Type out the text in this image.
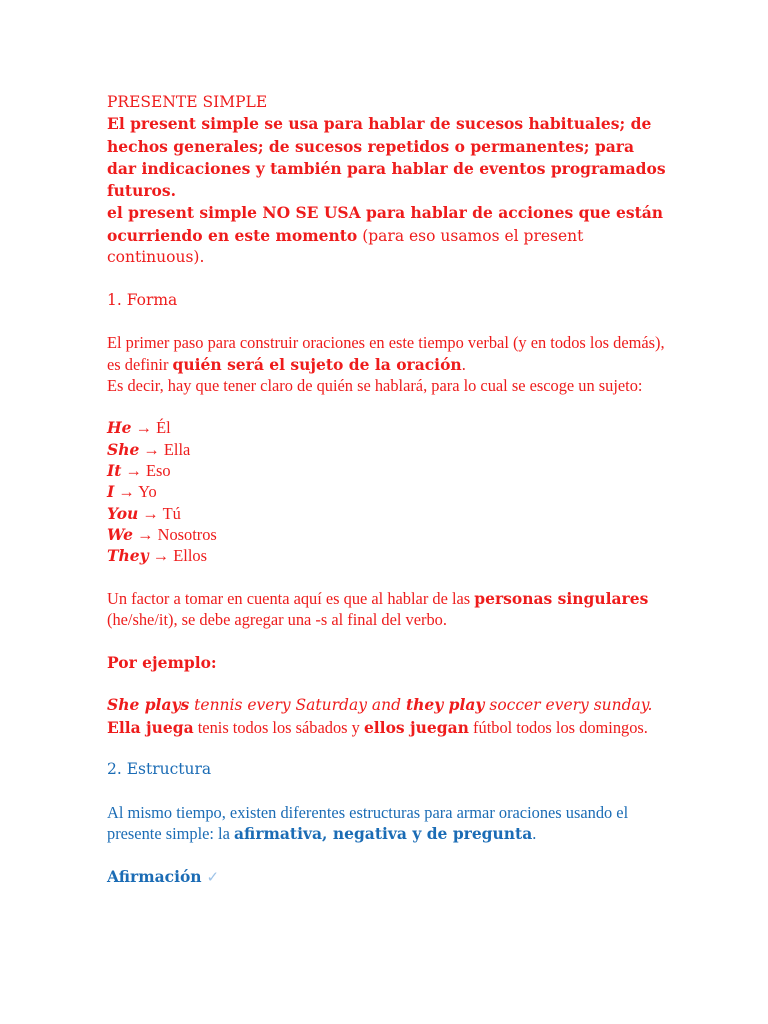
PRESENTE SIMPLE
El present simple se usa para hablar de sucesos habituales; de hechos generales; de sucesos repetidos o permanentes; para dar indicaciones y también para hablar de eventos programados futuros.
el present simple NO SE USA para hablar de acciones que están ocurriendo en este momento (para eso usamos el present continuous).

1. Forma

El primer paso para construir oraciones en este tiempo verbal (y en todos los demás), es definir quién será el sujeto de la oración.
Es decir, hay que tener claro de quién se hablará, para lo cual se escoge un sujeto:

He → Él
She → Ella
It → Eso
I → Yo
You → Tú
We → Nosotros
They → Ellos

Un factor a tomar en cuenta aquí es que al hablar de las personas singulares (he/she/it), se debe agregar una -s al final del verbo.

Por ejemplo:

She plays tennis every Saturday and they play soccer every sunday.
Ella juega tenis todos los sábados y ellos juegan fútbol todos los domingos.

2. Estructura

Al mismo tiempo, existen diferentes estructuras para armar oraciones usando el presente simple: la afirmativa, negativa y de pregunta.

Afirmación ✓
